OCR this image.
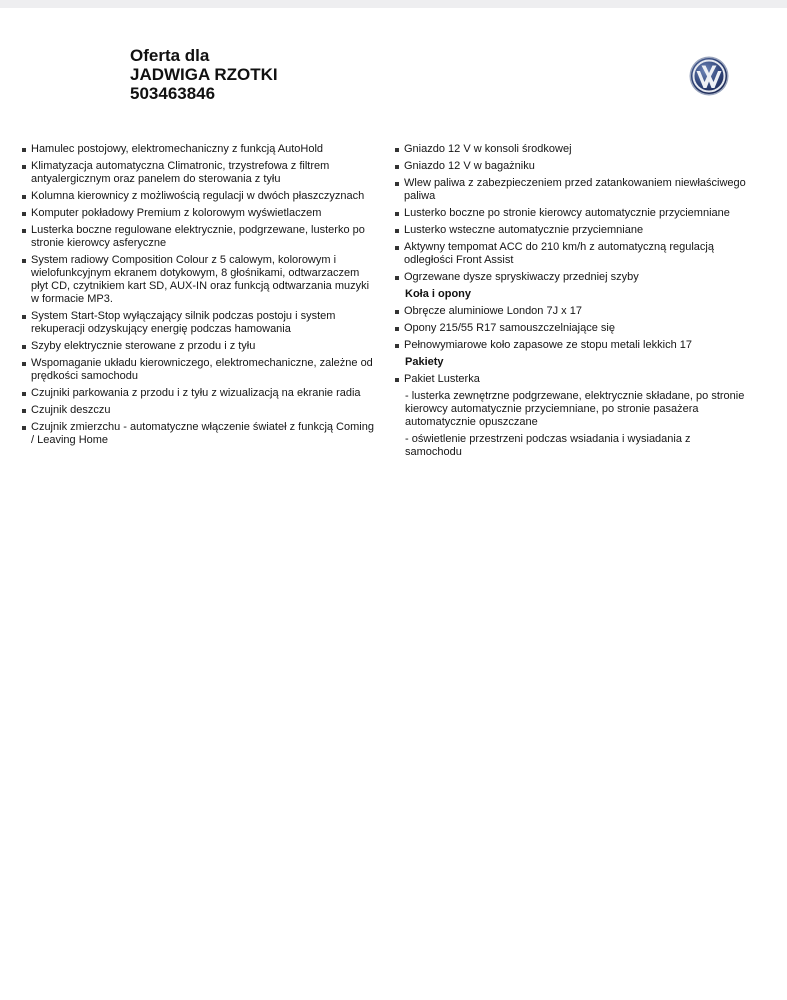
Oferta dla
JADWIGA RZOTKI
503463846
Hamulec postojowy, elektromechaniczny z funkcją AutoHold
Klimatyzacja automatyczna Climatronic, trzystrefowa z filtrem antyalergicznym oraz panelem do sterowania z tyłu
Kolumna kierownicy z możliwością regulacji w dwóch płaszczyznach
Komputer pokładowy Premium z kolorowym wyświetlaczem
Lusterka boczne regulowane elektrycznie, podgrzewane, lusterko po stronie kierowcy asferyczne
System radiowy Composition Colour z 5 calowym, kolorowym i wielofunkcyjnym ekranem dotykowym, 8 głośnikami, odtwarzaczem płyt CD, czytnikiem kart SD, AUX-IN oraz funkcją odtwarzania muzyki w formacie MP3.
System Start-Stop wyłączający silnik podczas postoju i system rekuperacji odzyskujący energię podczas hamowania
Szyby elektrycznie sterowane z przodu i z tyłu
Wspomaganie układu kierowniczego, elektromechaniczne, zależne od prędkości samochodu
Czujniki parkowania z przodu i z tyłu z wizualizacją na ekranie radia
Czujnik deszczu
Czujnik zmierzchu - automatyczne włączenie świateł z funkcją Coming / Leaving Home
Gniazdo 12 V w konsoli środkowej
Gniazdo 12 V w bagażniku
Wlew paliwa z zabezpieczeniem przed zatankowaniem niewłaściwego paliwa
Lusterko boczne po stronie kierowcy automatycznie przyciemniane
Lusterko wsteczne automatycznie przyciemniane
Aktywny tempomat ACC do 210 km/h z automatyczną regulacją odległości Front Assist
Ogrzewane dysze spryskiwaczy przedniej szyby
Koła i opony
Obręcze aluminiowe London 7J x 17
Opony 215/55 R17 samouszczelniające się
Pełnowymiarowe koło zapasowe ze stopu metali lekkich 17
Pakiety
Pakiet Lusterka
- lusterka zewnętrzne podgrzewane, elektrycznie składane, po stronie kierowcy automatycznie przyciemniane, po stronie pasażera automatycznie opuszczane
- oświetlenie przestrzeni podczas wsiadania i wysiadania z samochodu
